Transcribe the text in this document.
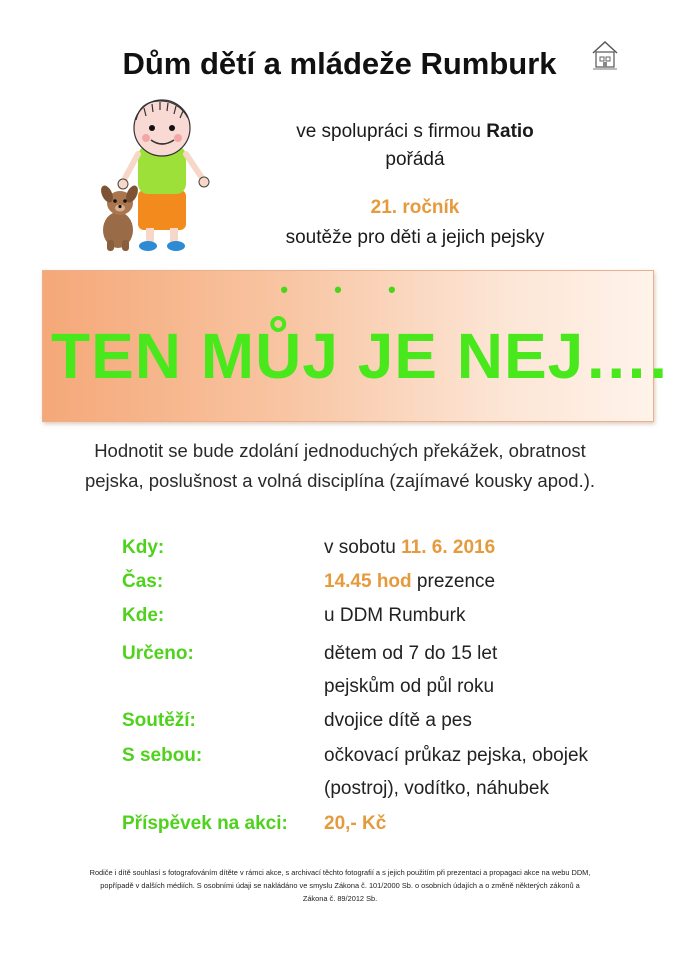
Dům dětí a mládeže Rumburk
ve spolupráci s firmou Ratio
pořádá
21. ročník
soutěže pro děti a jejich pejsky
• • •
TEN MŮJ JE NEJ….
Hodnotit se bude zdolání jednoduchých překážek, obratnost
pejska, poslušnost a volná disciplína (zajímavé kousky apod.).
Kdy:	v sobotu 11. 6. 2016
Čas:	14.45 hod prezence
Kde:	u DDM Rumburk
Určeno:	dětem od 7 do 15 let
pejskům od půl roku
Soutěží:	dvojice dítě a pes
S sebou:	očkovací průkaz pejska, obojek
(postroj), vodítko, náhubek
Příspěvek na akci: 20,- Kč
Rodiče i dítě souhlasí s fotografováním dítěte v rámci akce, s archivací těchto fotografií a s jejich použitím při prezentaci a propagaci akce na webu DDM,
popřípadě v dalších médiích. S osobními údaji se nakládáno ve smyslu Zákona č. 101/2000 Sb. o osobních údajích a o změně některých zákonů a
Zákona č. 89/2012 Sb.
